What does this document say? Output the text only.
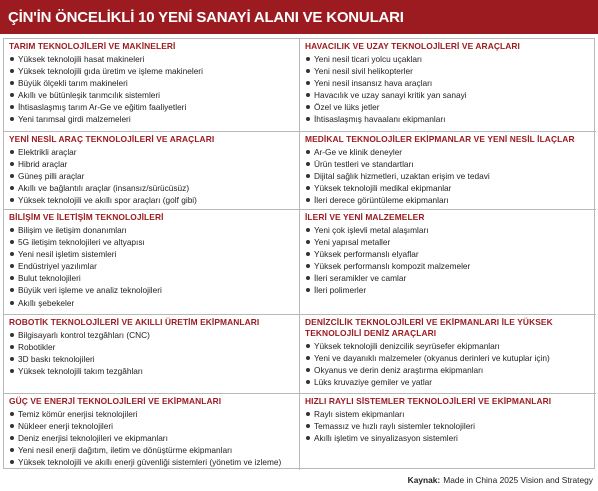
ÇİN'İN ÖNCELİKLİ 10 YENİ SANAYİ ALANI VE KONULARI
TARIM TEKNOLOJİLERİ VE MAKİNELERİ
Yüksek teknolojili hasat makineleri
Yüksek teknolojili gıda üretim ve işleme makineleri
Büyük ölçekli tarım makineleri
Akıllı ve bütünleşik tarımcılık sistemleri
İhtisaslaşmış tarım Ar-Ge ve eğitim faaliyetleri
Yeni tarımsal girdi malzemeleri
HAVACILIK VE UZAY TEKNOLOJİLERİ VE ARAÇLARI
Yeni nesil ticari yolcu uçakları
Yeni nesil sivil helikopterler
Yeni nesil insansız hava araçları
Havacılık ve uzay sanayi kritik yan sanayi
Özel ve lüks jetler
İhtisaslaşmış havaalanı ekipmanları
YENİ NESİL ARAÇ TEKNOLOJİLERİ VE ARAÇLARI
Elektrikli araçlar
Hibrid araçlar
Güneş pilli araçlar
Akıllı ve bağlantılı araçlar (insansız/sürücüsüz)
Yüksek teknolojili ve akıllı spor araçları (golf gibi)
MEDİKAL TEKNOLOJİLER EKİPMANLAR VE YENİ NESİL İLAÇLAR
Ar-Ge ve klinik deneyler
Ürün testleri ve standartları
Dijital sağlık hizmetleri, uzaktan erişim ve tedavi
Yüksek teknolojili medikal ekipmanlar
İleri derece görüntüleme ekipmanları
BİLİŞİM VE İLETİŞİM TEKNOLOJİLERİ
Bilişim ve iletişim donanımları
5G iletişim teknolojileri ve altyapısı
Yeni nesil işletim sistemleri
Endüstriyel yazılımlar
Bulut teknolojileri
Büyük veri işleme ve analiz teknolojileri
Akıllı şebekeler
İLERİ VE YENİ MALZEMELER
Yeni çok işlevli metal alaşımları
Yeni yapısal metaller
Yüksek performanslı elyaflar
Yüksek performanslı kompozit malzemeler
İleri seramikler ve camlar
İleri polimerler
ROBOTİK TEKNOLOJİLERİ VE AKILLI ÜRETİM EKİPMANLARI
Bilgisayarlı kontrol tezgâhları (CNC)
Robotikler
3D baskı teknolojileri
Yüksek teknolojili takım tezgâhları
DENİZCİLİK TEKNOLOJİLERİ VE EKİPMANLARI İLE YÜKSEK TEKNOLOJİLİ DENİZ ARAÇLARI
Yüksek teknolojili denizcilik seyrüsefer ekipmanları
Yeni ve dayanıklı malzemeler (okyanus derinleri ve kutuplar için)
Okyanus ve derin deniz araştırma ekipmanları
Lüks kruvaziye gemiler ve yatlar
GÜÇ VE ENERJİ TEKNOLOJİLERİ VE EKİPMANLARI
Temiz kömür enerjisi teknolojileri
Nükleer enerji teknolojileri
Deniz enerjisi teknolojileri ve ekipmanları
Yeni nesil enerji dağıtım, iletim ve dönüştürme ekipmanları
Yüksek teknolojili ve akıllı enerji güvenliği sistemleri (yönetim ve izleme)
HIZLI RAYLI SİSTEMLER TEKNOLOJİLERİ VE EKİPMANLARI
Raylı sistem ekipmanları
Temassız ve hızlı raylı sistemler teknolojileri
Akıllı işletim ve sinyalizasyon sistemleri
Kaynak: Made in China 2025 Vision and Strategy
